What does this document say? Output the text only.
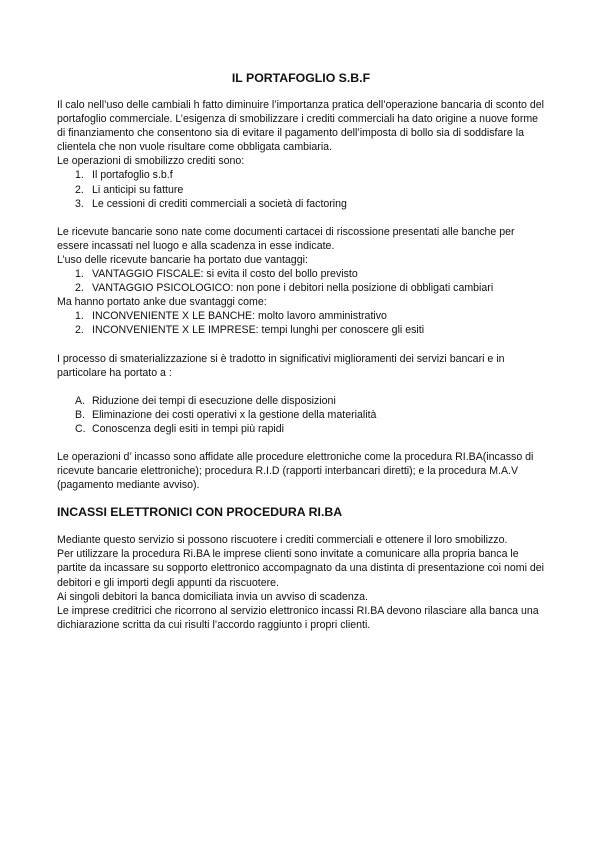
IL PORTAFOGLIO S.B.F

Il calo nell’uso delle cambiali h fatto diminuire l’importanza pratica dell’operazione bancaria di sconto del portafoglio commerciale. L’esigenza di smobilizzare i crediti commerciali ha dato origine a nuove forme di finanziamento che consentono sia di evitare il pagamento dell’imposta di bollo sia di soddisfare la clientela che non vuole risultare come obbligata cambiaria.

Le operazioni di smobilizzo crediti sono:

1. Il portafoglio s.b.f
2. Li anticipi su fatture
3. Le cessioni di crediti commerciali a società di factoring

Le ricevute bancarie sono nate come documenti cartacei di riscossione presentati alle banche per essere incassati nel luogo e alla scadenza in esse indicate.

L’uso delle ricevute bancarie ha portato due vantaggi:

1. VANTAGGIO FISCALE: si evita il costo del bollo previsto
2. VANTAGGIO PSICOLOGICO: non pone i debitori nella posizione di obbligati cambiari

Ma hanno portato anke due svantaggi come:

1. INCONVENIENTE X LE BANCHE: molto lavoro amministrativo
2. INCONVENIENTE X LE IMPRESE: tempi lunghi per conoscere gli esiti

I processo di smaterializzazione si è tradotto in significativi miglioramenti dei servizi bancari e in particolare ha portato a :

A. Riduzione dei tempi di esecuzione delle disposizioni
B. Eliminazione dei costi operativi x la gestione della materialità
C. Conoscenza degli esiti in tempi più rapidi

Le operazioni d’ incasso sono affidate alle procedure elettroniche come la procedura RI.BA(incasso di ricevute bancarie elettroniche); procedura R.I.D (rapporti interbancari diretti); e la procedura M.A.V (pagamento mediante avviso).

INCASSI ELETTRONICI CON PROCEDURA RI.BA

Mediante questo servizio si possono riscuotere i crediti commerciali e ottenere il loro smobilizzo.

Per utilizzare la procedura Ri.BA le imprese clienti sono invitate a comunicare alla propria banca le partite da incassare su sopporto elettronico accompagnato da una distinta di presentazione coi nomi dei debitori e gli importi degli appunti da riscuotere.

Ai singoli debitori la banca domiciliata invia un avviso di scadenza.

Le imprese creditrici che ricorrono al servizio elettronico incassi RI.BA devono rilasciare alla banca una dichiarazione scritta da cui risulti l’accordo raggiunto i propri clienti.
